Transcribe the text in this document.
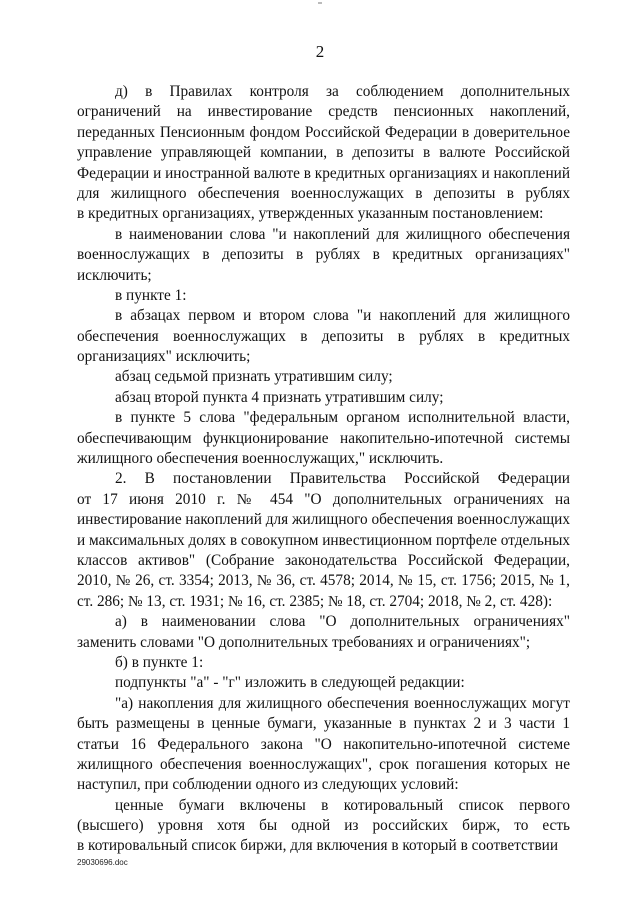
2
д) в Правилах контроля за соблюдением дополнительных
ограничений на инвестирование средств пенсионных накоплений,
переданных Пенсионным фондом Российской Федерации в доверительное
управление управляющей компании, в депозиты в валюте Российской
Федерации и иностранной валюте в кредитных организациях и накоплений
для жилищного обеспечения военнослужащих в депозиты в рублях
в кредитных организациях, утвержденных указанным постановлением:
в наименовании слова "и накоплений для жилищного обеспечения
военнослужащих в депозиты в рублях в кредитных организациях"
исключить;
в пункте 1:
в абзацах первом и втором слова "и накоплений для жилищного
обеспечения военнослужащих в депозиты в рублях в кредитных
организациях" исключить;
абзац седьмой признать утратившим силу;
абзац второй пункта 4 признать утратившим силу;
в пункте 5 слова "федеральным органом исполнительной власти,
обеспечивающим функционирование накопительно-ипотечной системы
жилищного обеспечения военнослужащих," исключить.
2. В постановлении Правительства Российской Федерации
от 17 июня 2010 г. № 454 "О дополнительных ограничениях на
инвестирование накоплений для жилищного обеспечения военнослужащих
и максимальных долях в совокупном инвестиционном портфеле отдельных
классов активов" (Собрание законодательства Российской Федерации,
2010, № 26, ст. 3354; 2013, № 36, ст. 4578; 2014, № 15, ст. 1756; 2015, № 1,
ст. 286; № 13, ст. 1931; № 16, ст. 2385; № 18, ст. 2704; 2018, № 2, ст. 428):
а) в наименовании слова "О дополнительных ограничениях"
заменить словами "О дополнительных требованиях и ограничениях";
б) в пункте 1:
подпункты "а" - "г" изложить в следующей редакции:
"а) накопления для жилищного обеспечения военнослужащих могут
быть размещены в ценные бумаги, указанные в пунктах 2 и 3 части 1
статьи 16 Федерального закона "О накопительно-ипотечной системе
жилищного обеспечения военнослужащих", срок погашения которых не
наступил, при соблюдении одного из следующих условий:
ценные бумаги включены в котировальный список первого
(высшего) уровня хотя бы одной из российских бирж, то есть
в котировальный список биржи, для включения в который в соответствии
29030696.doc
